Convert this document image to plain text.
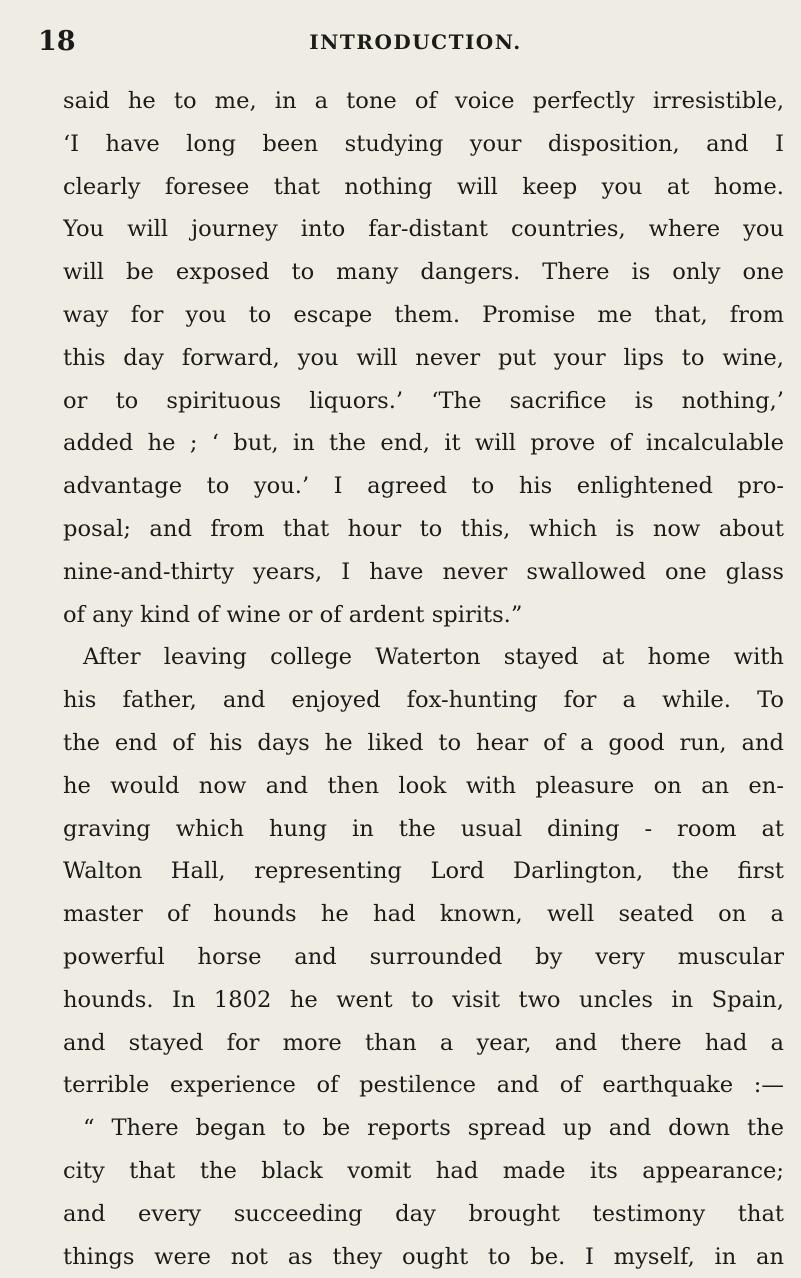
18	INTRODUCTION.
said he to me, in a tone of voice perfectly irresistible,
‘I have long been studying your disposition, and I
clearly foresee that nothing will keep you at home.
You will journey into far-distant countries, where you
will be exposed to many dangers. There is only one
way for you to escape them. Promise me that, from
this day forward, you will never put your lips to wine,
or to spirituous liquors.’ ‘The sacrifice is nothing,’
added he ; ‘ but, in the end, it will prove of incalculable
advantage to you.’ I agreed to his enlightened pro-
posal; and from that hour to this, which is now about
nine-and-thirty years, I have never swallowed one glass
of any kind of wine or of ardent spirits.”
After leaving college Waterton stayed at home with
his father, and enjoyed fox-hunting for a while. To
the end of his days he liked to hear of a good run, and
he would now and then look with pleasure on an en-
graving which hung in the usual dining - room at
Walton Hall, representing Lord Darlington, the first
master of hounds he had known, well seated on a
powerful horse and surrounded by very muscular
hounds. In 1802 he went to visit two uncles in Spain,
and stayed for more than a year, and there had a
terrible experience of pestilence and of earthquake :—
“ There began to be reports spread up and down the
city that the black vomit had made its appearance;
and every succeeding day brought testimony that
things were not as they ought to be. I myself, in an
